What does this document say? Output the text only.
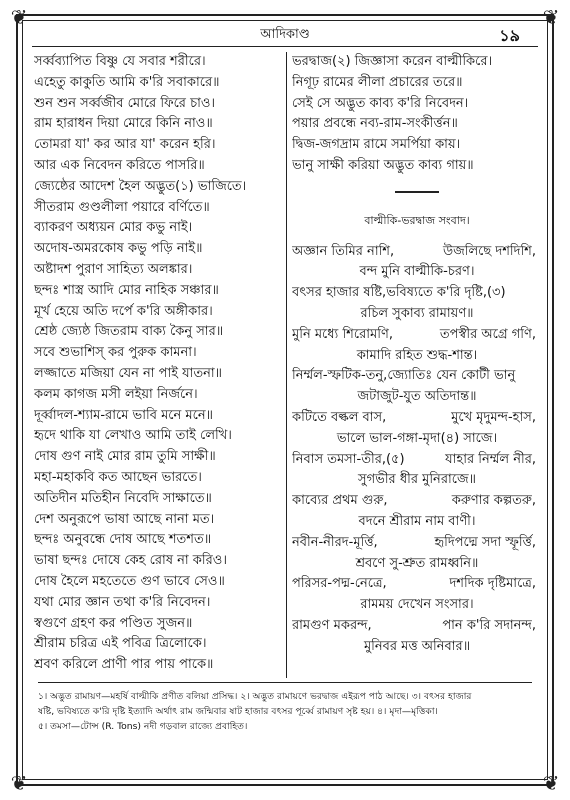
❦	❦
❦	❦
আদিকাণ্ড	১৯
সর্ব্বব্যাপিত বিষ্ণু যে সবার শরীরে।
এহেতু কাকুতি আমি ক'রি সবাকারে॥
শুন শুন সর্ব্বজীব মোরে ফিরে চাও।
রাম হারাধন দিয়া মোরে কিনি নাও॥
তোমরা যা' কর আর যা' করেন হরি।
আর এক নিবেদন করিতে পাসরি॥
জ্যেষ্ঠের আদেশ হৈল অদ্ভুত(১) ভাজিতে।
সীতরাম গুণ্ডলীলা পয়ারে বর্ণিতে॥
ব্যাকরণ অধ্যয়ন মোর কভু নাই।
অদোষ-অমরকোষ কভু পড়ি নাই॥
অষ্টাদশ পুরাণ সাহিত্য অলঙ্কার।
ছন্দঃ শাস্ত্র আদি মোর নাহিক সঞ্চার॥
মূর্খ হেয়ে অতি দর্পে ক'রি অঙ্গীকার।
শ্রেষ্ঠ জ্যেষ্ঠ জিতরাম বাক্য কৈনু সার॥
সবে শুভাশিস্ কর পুরুক কামনা।
লজ্জাতে মজিয়া যেন না পাই যাতনা॥
কলম কাগজ মসী লইয়া নির্জনে।
দূর্ব্বাদল-শ্যাম-রামে ভাবি মনে মনে॥
হৃদে থাকি যা লেখাও আমি তাই লেখি।
দোষ গুণ নাই মোর রাম তুমি সাক্ষী॥
মহা-মহাকবি কত আছেন ভারতে।
অতিদীন মতিহীন নিবেদি সাক্ষাতে॥
দেশ অনুরূপে ভাষা আছে নানা মত।
ছন্দঃ অনুবন্ধে দোষ আছে শতশত॥
ভাষা ছন্দঃ দোষে কেহ রোষ না করিও।
দোষ হৈলে মহতেতে গুণ ভাবে সেও॥
যথা মোর জ্ঞান তথা ক'রি নিবেদন।
স্বগুণে গ্রহণ কর পণ্ডিত সুজন॥
শ্রীরাম চরিত্র এই পবিত্র ত্রিলোকে।
শ্রবণ করিলে প্রাণী পার পায় পাকে॥
ভরদ্বাজ(২) জিজ্ঞাসা করেন বাল্মীকিরে।
নিগূঢ় রামের লীলা প্রচারের তরে॥
সেই সে অদ্ভুত কাব্য ক'রি নিবেদন।
পয়ার প্রবন্ধে নব্য-রাম-সংকীর্ত্তন॥
দ্বিজ-জগদ্রাম রামে সমর্পিয়া কায়।
ভানু সাক্ষী করিয়া অদ্ভুত কাব্য গায়॥
বাল্মীকি-ভরদ্বাজ সংবাদ।
অজ্ঞান তিমির নাশি,	উজলিছে দশদিশি,
বন্দ মুনি বাল্মীকি-চরণ।
বৎসর হাজার ষষ্টি,ভবিষ্যতে ক'রি দৃষ্টি,(৩)
রচিল সুকাব্য রামায়ণ॥
মুনি মধ্যে শিরোমণি,	তপস্বীর অগ্রে গণি,
কামাদি রহিত শুদ্ধ-শান্ত।
নির্ম্মল-স্ফটিক-তনু,জ্যোতিঃ যেন কোটী ভানু
জটাজুট-যুত অতিদান্ত॥
কটিতে বল্কল বাস,	মুখে মৃদুমন্দ-হাস,
ভালে ভাল-গঙ্গা-মৃদা(৪) সাজে।
নিবাস তমসা-তীর,(৫)	যাহার নির্ম্মল নীর,
সুগভীর ধীর মুনিরাজে॥
কাব্যের প্রথম গুরু,	করুণার কল্পতরু,
বদনে শ্রীরাম নাম বাণী।
নবীন-নীরদ-মূর্ত্তি,	হৃদিপদ্মে সদা স্ফূর্ত্তি,
শ্রবণে সু-শ্রুত রামধ্বনি॥
পরিসর-পদ্ম-নেত্রে,	দশদিক দৃষ্টিমাত্রে,
রামময় দেখেন সংসার।
রামগুণ মকরন্দ,	পান ক'রি সদানন্দ,
মুনিবর মত্ত অনিবার॥
১। অদ্ভুত রামায়ণ—মহর্ষি বাল্মীকি প্রণীত বলিয়া প্রসিদ্ধ। ২। অদ্ভুত রামায়ণে ভরদ্বাজ এইরূপ পাঠ আছে। ৩। বৎসর হাজার
ষষ্টি, ভবিষ্যতে ক'রি দৃষ্টি ইত্যাদি অর্থাৎ রাম জন্মিবার ষাট হাজার বৎসর পূর্ব্বে রামায়ণ সৃষ্ট হয়। ৪। মৃদা—মৃত্তিকা।
৫। তমসা—টোন্স (R. Tons) নদী গড়বাল রাজ্যে প্রবাহিত।
